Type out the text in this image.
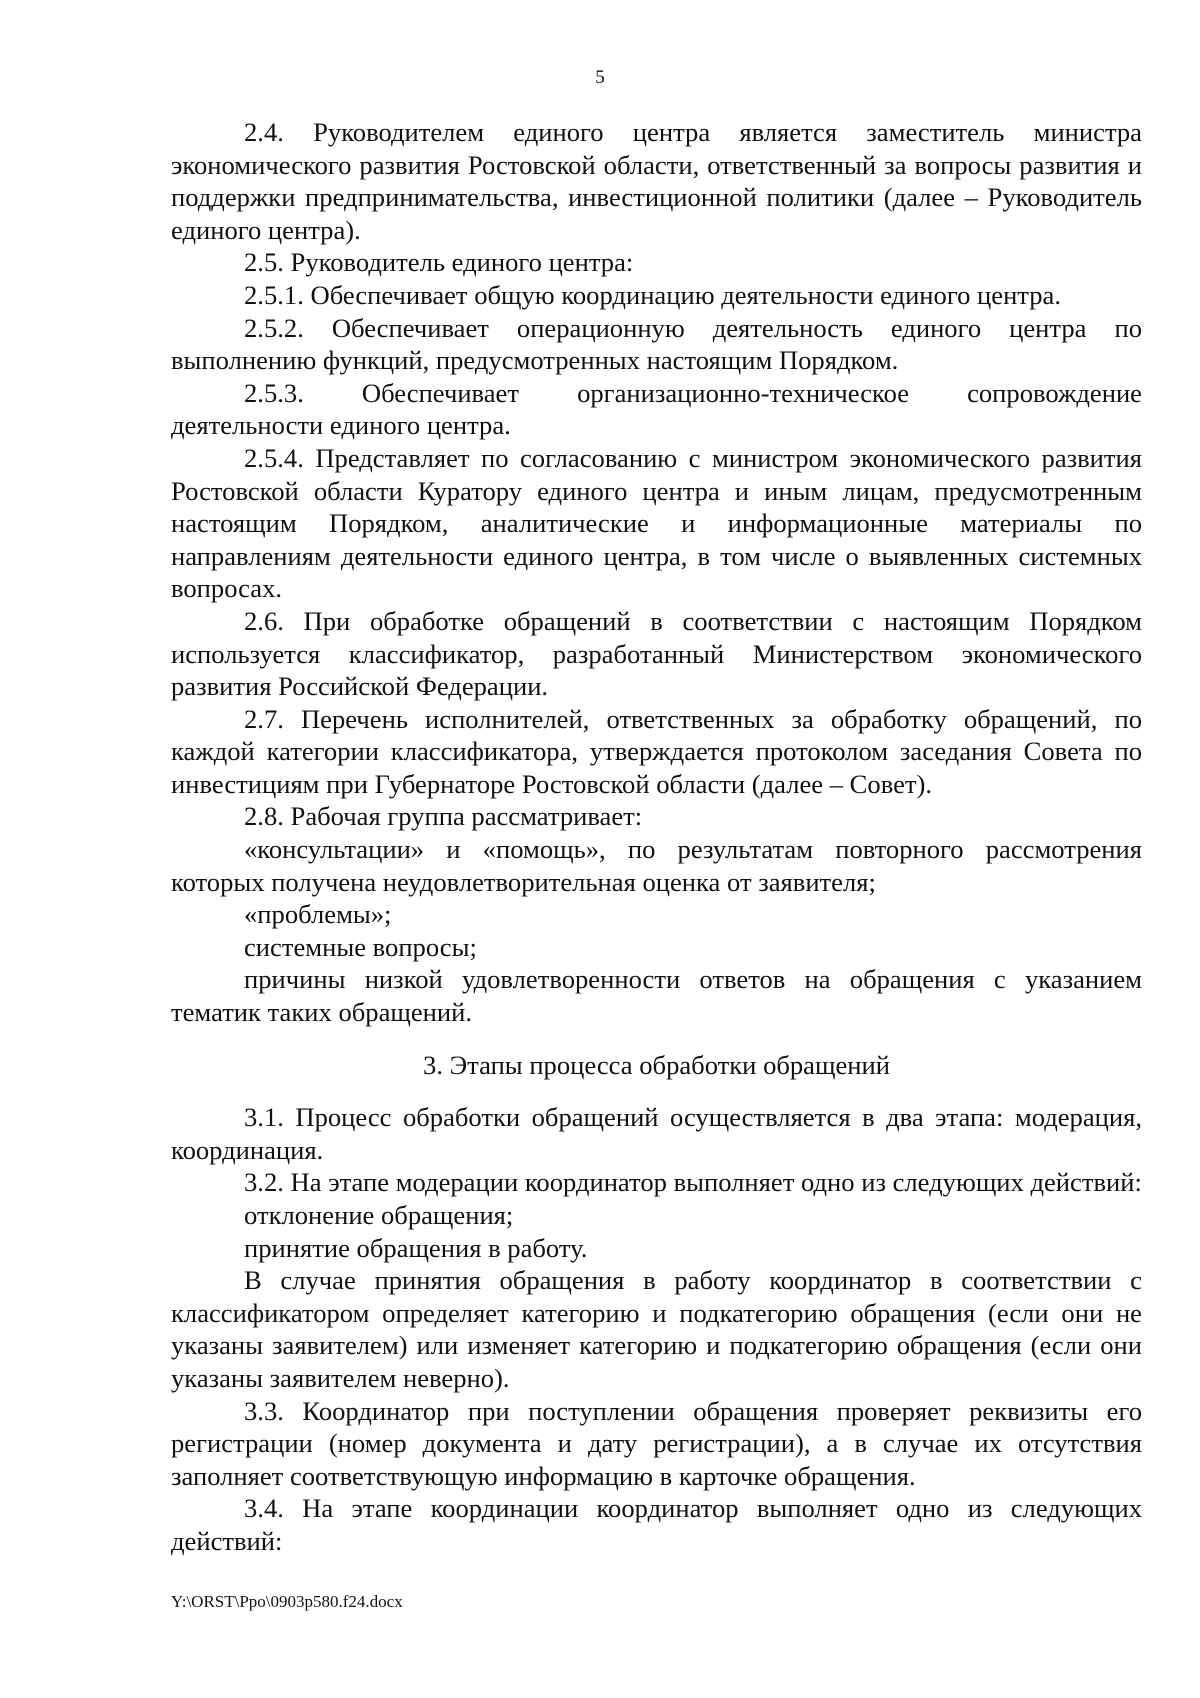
5

2.4. Руководителем единого центра является заместитель министра экономического развития Ростовской области, ответственный за вопросы развития и поддержки предпринимательства, инвестиционной политики (далее – Руководитель единого центра).

2.5. Руководитель единого центра:

2.5.1. Обеспечивает общую координацию деятельности единого центра.

2.5.2. Обеспечивает операционную деятельность единого центра по выполнению функций, предусмотренных настоящим Порядком.

2.5.3. Обеспечивает организационно-техническое сопровождение деятельности единого центра.

2.5.4. Представляет по согласованию с министром экономического развития Ростовской области Куратору единого центра и иным лицам, предусмотренным настоящим Порядком, аналитические и информационные материалы по направлениям деятельности единого центра, в том числе о выявленных системных вопросах.

2.6. При обработке обращений в соответствии с настоящим Порядком используется классификатор, разработанный Министерством экономического развития Российской Федерации.

2.7. Перечень исполнителей, ответственных за обработку обращений, по каждой категории классификатора, утверждается протоколом заседания Совета по инвестициям при Губернаторе Ростовской области (далее – Совет).

2.8. Рабочая группа рассматривает:

«консультации» и «помощь», по результатам повторного рассмотрения которых получена неудовлетворительная оценка от заявителя;

«проблемы»;

системные вопросы;

причины низкой удовлетворенности ответов на обращения с указанием тематик таких обращений.

3. Этапы процесса обработки обращений

3.1. Процесс обработки обращений осуществляется в два этапа: модерация, координация.

3.2. На этапе модерации координатор выполняет одно из следующих действий:

отклонение обращения;

принятие обращения в работу.

В случае принятия обращения в работу координатор в соответствии с классификатором определяет категорию и подкатегорию обращения (если они не указаны заявителем) или изменяет категорию и подкатегорию обращения (если они указаны заявителем неверно).

3.3. Координатор при поступлении обращения проверяет реквизиты его регистрации (номер документа и дату регистрации), а в случае их отсутствия заполняет соответствующую информацию в карточке обращения.

3.4. На этапе координации координатор выполняет одно из следующих действий:

Y:\ORST\Ppo\0903p580.f24.docx
